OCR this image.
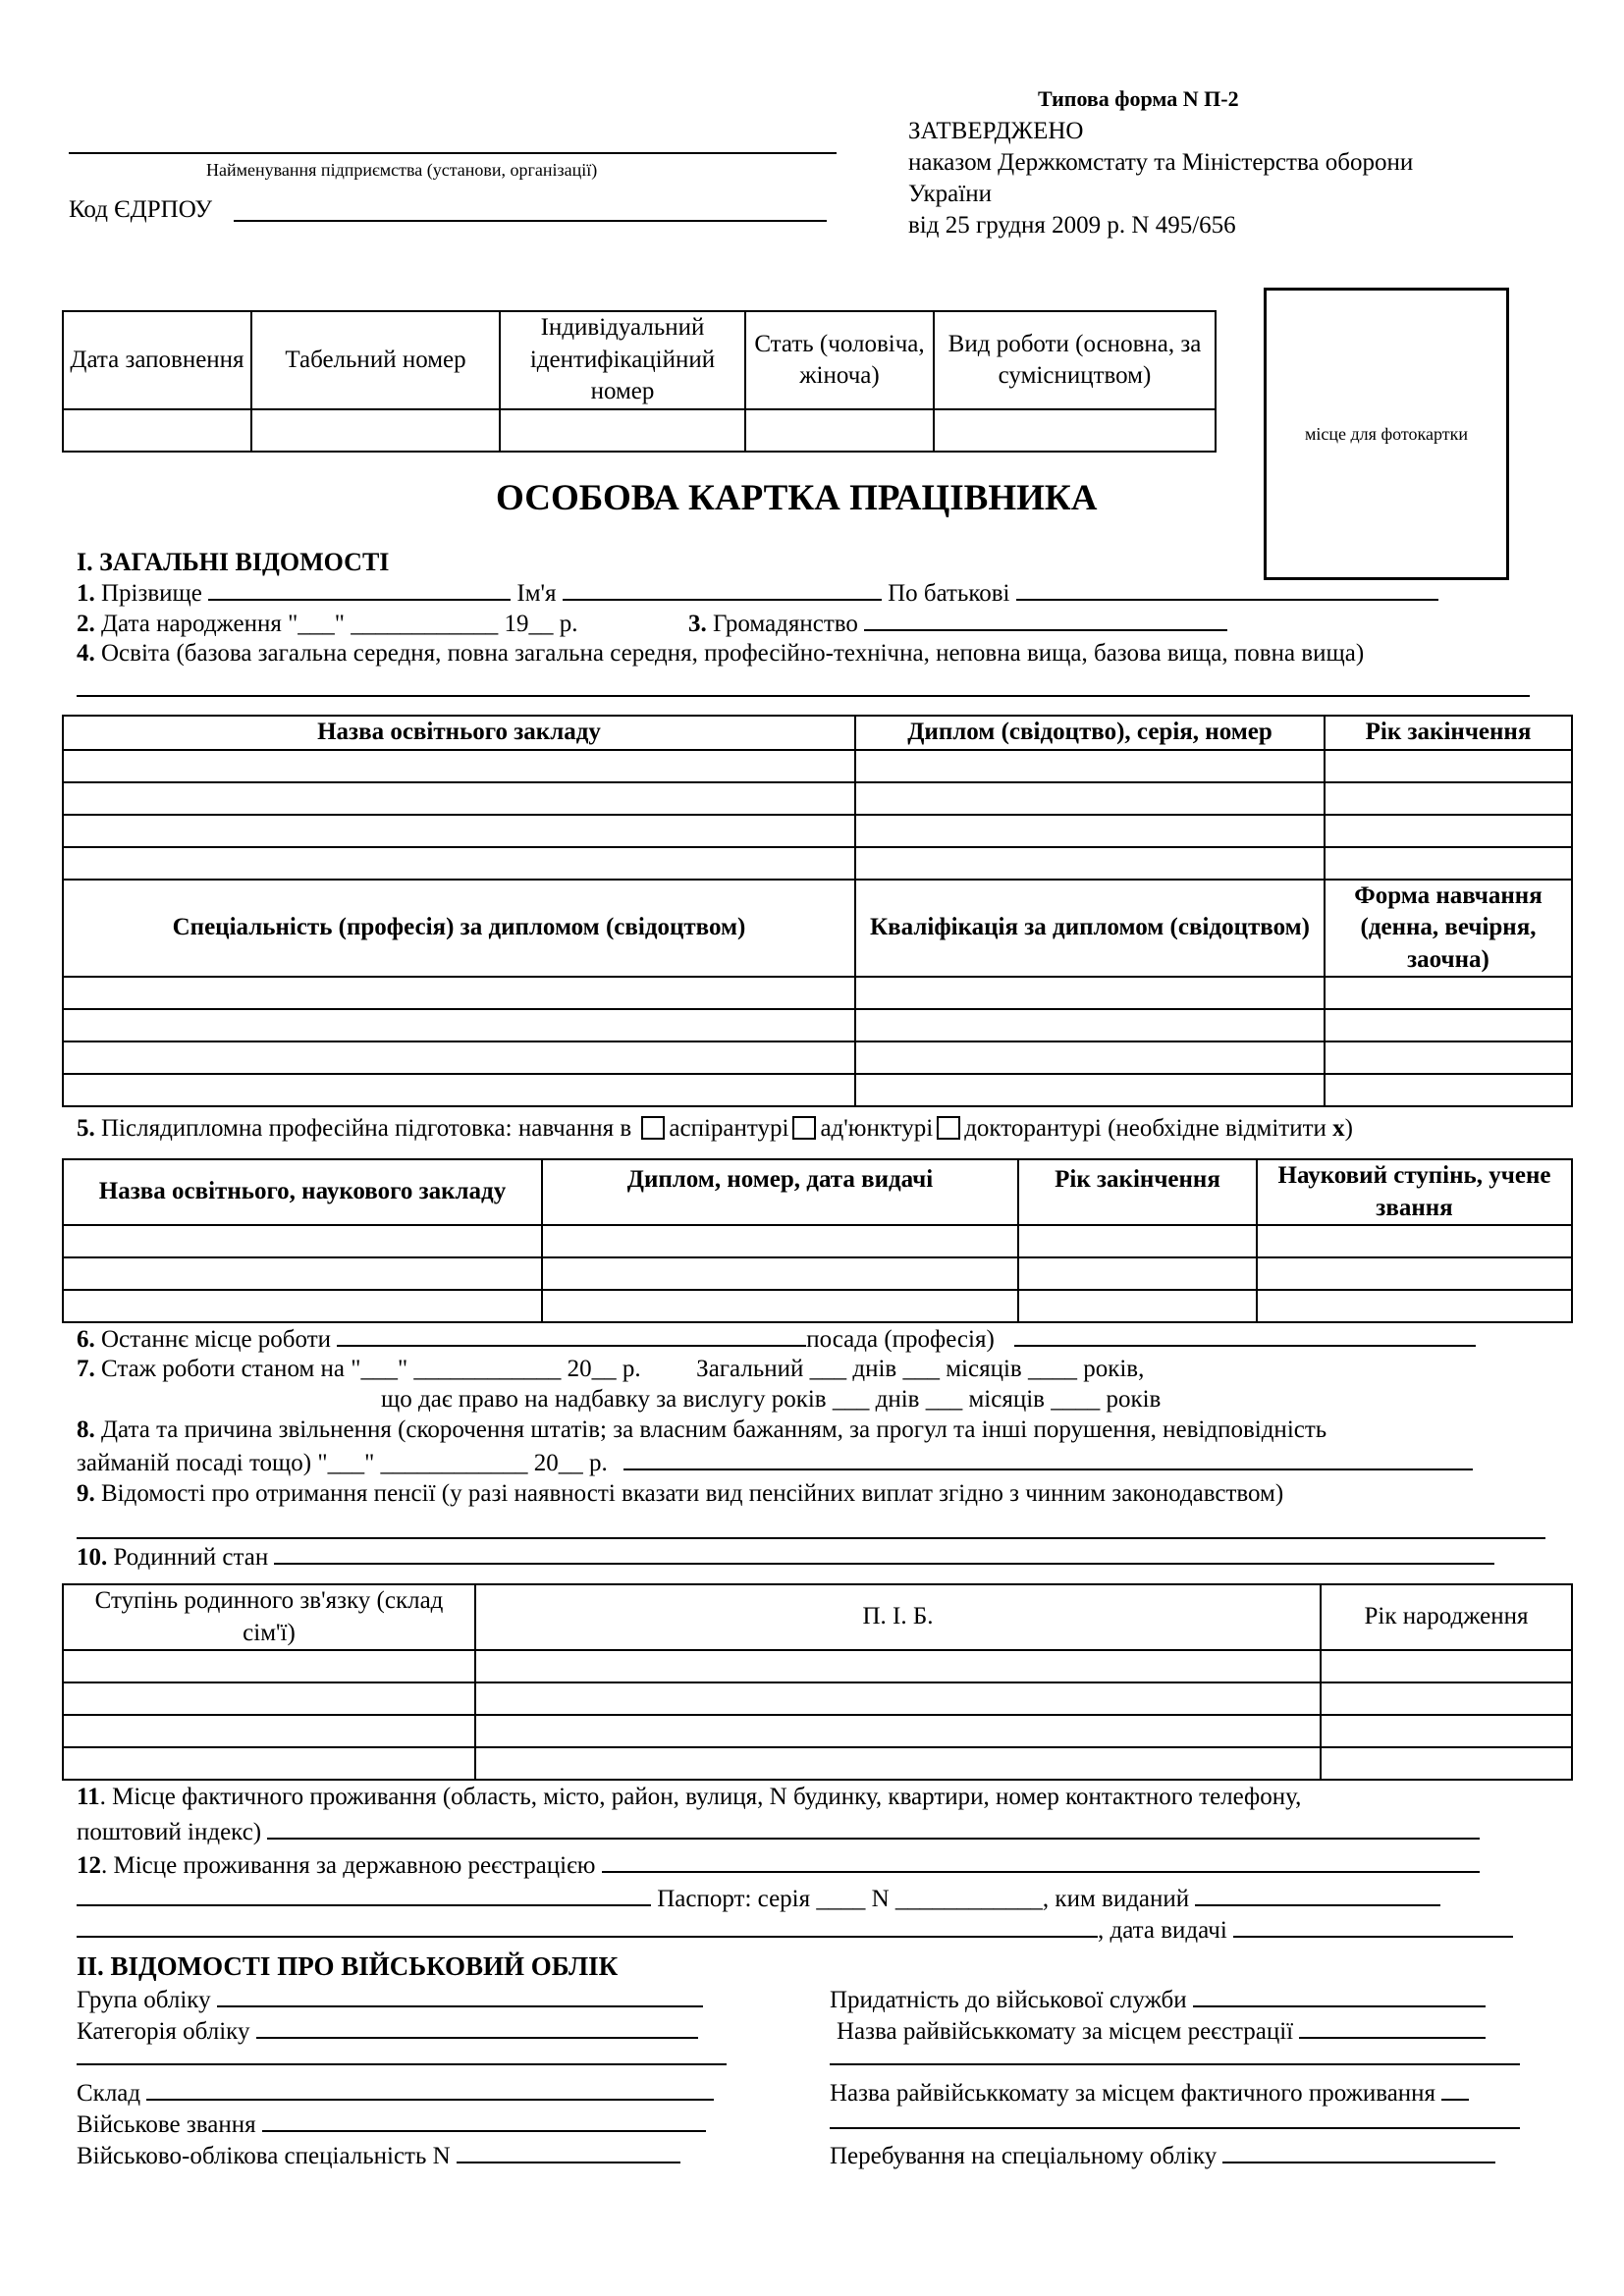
Найменування підприємства (установи, організації)
Код ЄДРПОУ
Типова форма N П-2
ЗАТВЕРДЖЕНО
наказом Держкомстату та Міністерства оборони
України
від 25 грудня 2009 р. N 495/656
Дата заповнення	Табельний номер	Індивідуальний ідентифікаційний номер	Стать (чоловіча, жіноча)	Вид роботи (основна, за сумісництвом)

місце для фотокартки
ОСОБОВА КАРТКА ПРАЦІВНИКА
І. ЗАГАЛЬНІ ВІДОМОСТІ
1. Прізвище	Ім'я	По батькові
2. Дата народження "___" ____________ 19__ р.	3. Громадянство
4. Освіта (базова загальна середня, повна загальна середня, професійно-технічна, неповна вища, базова вища, повна вища)
Назва освітнього закладу	Диплом (свідоцтво), серія, номер	Рік закінчення

Спеціальність (професія) за дипломом (свідоцтвом)	Кваліфікація за дипломом (свідоцтвом)	Форма навчання (денна, вечірня, заочна)

5. Післядипломна професійна підготовка: навчання в аспірантурі ад'юнктурі докторантурі (необхідне відмітити x)
Назва освітнього, наукового закладу	Диплом, номер, дата видачі	Рік закінчення	Науковий ступінь, учене звання

6. Останнє місце роботи	посада (професія)
7. Стаж роботи станом на "___" ____________ 20__ р. Загальний ___ днів ___ місяців ____ років,
що дає право на надбавку за вислугу років ___ днів ___ місяців ____ років
8. Дата та причина звільнення (скорочення штатів; за власним бажанням, за прогул та інші порушення, невідповідність
займаній посаді тощо) "___" ____________ 20__ р.
9. Відомості про отримання пенсії (у разі наявності вказати вид пенсійних виплат згідно з чинним законодавством)
10. Родинний стан
Ступінь родинного зв'язку (склад сім'ї)	П. І. Б.	Рік народження

11. Місце фактичного проживання (область, місто, район, вулиця, N будинку, квартири, номер контактного телефону,
поштовий індекс)
12. Місце проживання за державною реєстрацією
Паспорт: серія ____ N ____________, ким виданий
, дата видачі
ІІ. ВІДОМОСТІ ПРО ВІЙСЬКОВИЙ ОБЛІК
Група обліку
Категорія обліку
Склад
Військове звання
Військово-облікова спеціальність N
Придатність до військової служби
Назва райвійськкомату за місцем реєстрації
Назва райвійськкомату за місцем фактичного проживання
Перебування на спеціальному обліку
